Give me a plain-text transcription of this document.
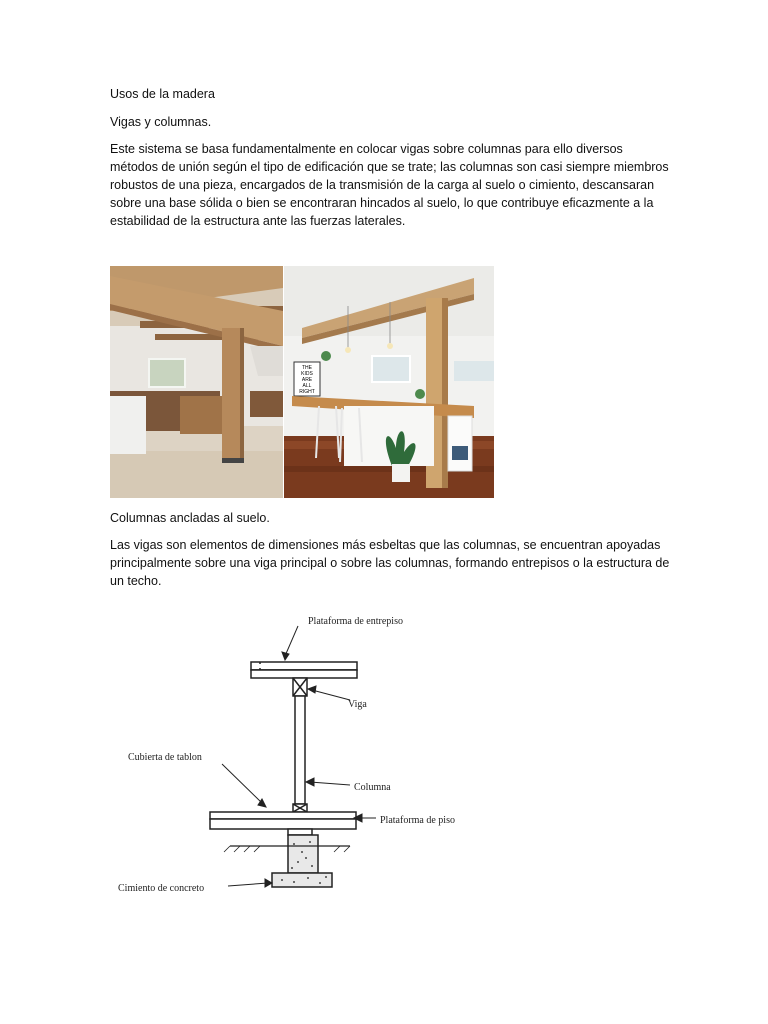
Usos de la madera
Vigas y columnas.
Este sistema se basa fundamentalmente en colocar vigas sobre columnas para ello diversos métodos de unión según el tipo de edificación que se trate; las columnas son casi siempre miembros robustos de una pieza, encargados de la transmisión de la carga al suelo o cimiento, descansaran sobre una base sólida o bien se encontraran hincados al suelo, lo que contribuye eficazmente a la estabilidad de la estructura ante las fuerzas laterales.
THE
KIDS
ARE
ALL
RIGHT
Columnas ancladas al suelo.
Las vigas son elementos de dimensiones más esbeltas que las columnas, se encuentran apoyadas principalmente sobre una viga principal o sobre las columnas, formando entrepisos o la estructura de un techo.
Plataforma de entrepiso
Viga
Cubierta de tablon
Columna
Plataforma de piso
Cimiento de concreto
